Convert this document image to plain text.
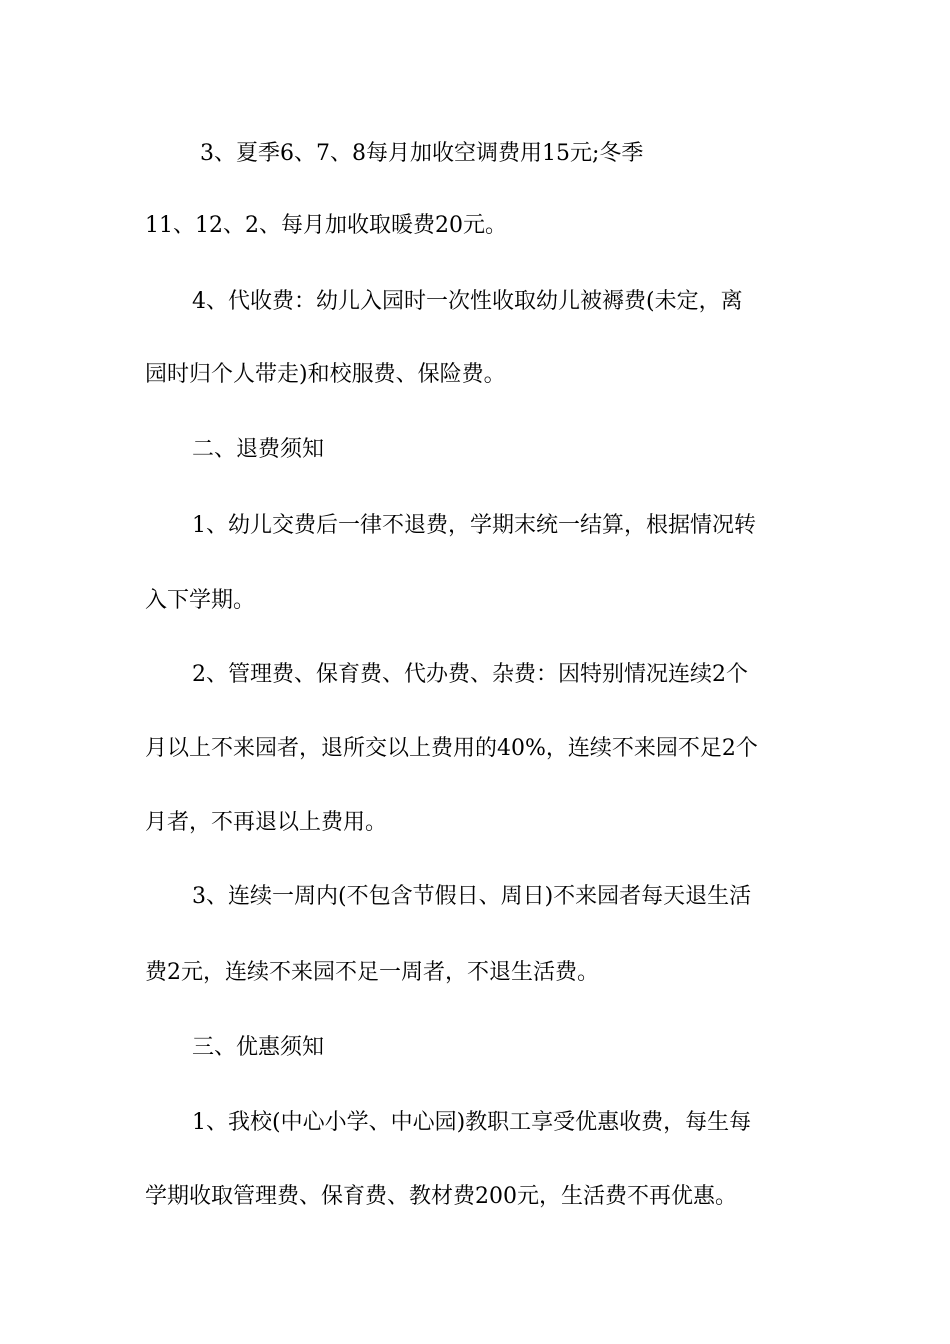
3、夏季6、7、8每月加收空调费用15元;冬季
11、12、2、每月加收取暖费20元。
4、代收费：幼儿入园时一次性收取幼儿被褥费(未定，离
园时归个人带走)和校服费、保险费。
二、退费须知
1、幼儿交费后一律不退费，学期末统一结算，根据情况转
入下学期。
2、管理费、保育费、代办费、杂费：因特别情况连续2个
月以上不来园者，退所交以上费用的40%，连续不来园不足2个
月者，不再退以上费用。
3、连续一周内(不包含节假日、周日)不来园者每天退生活
费2元，连续不来园不足一周者，不退生活费。
三、优惠须知
1、我校(中心小学、中心园)教职工享受优惠收费，每生每
学期收取管理费、保育费、教材费200元，生活费不再优惠。
